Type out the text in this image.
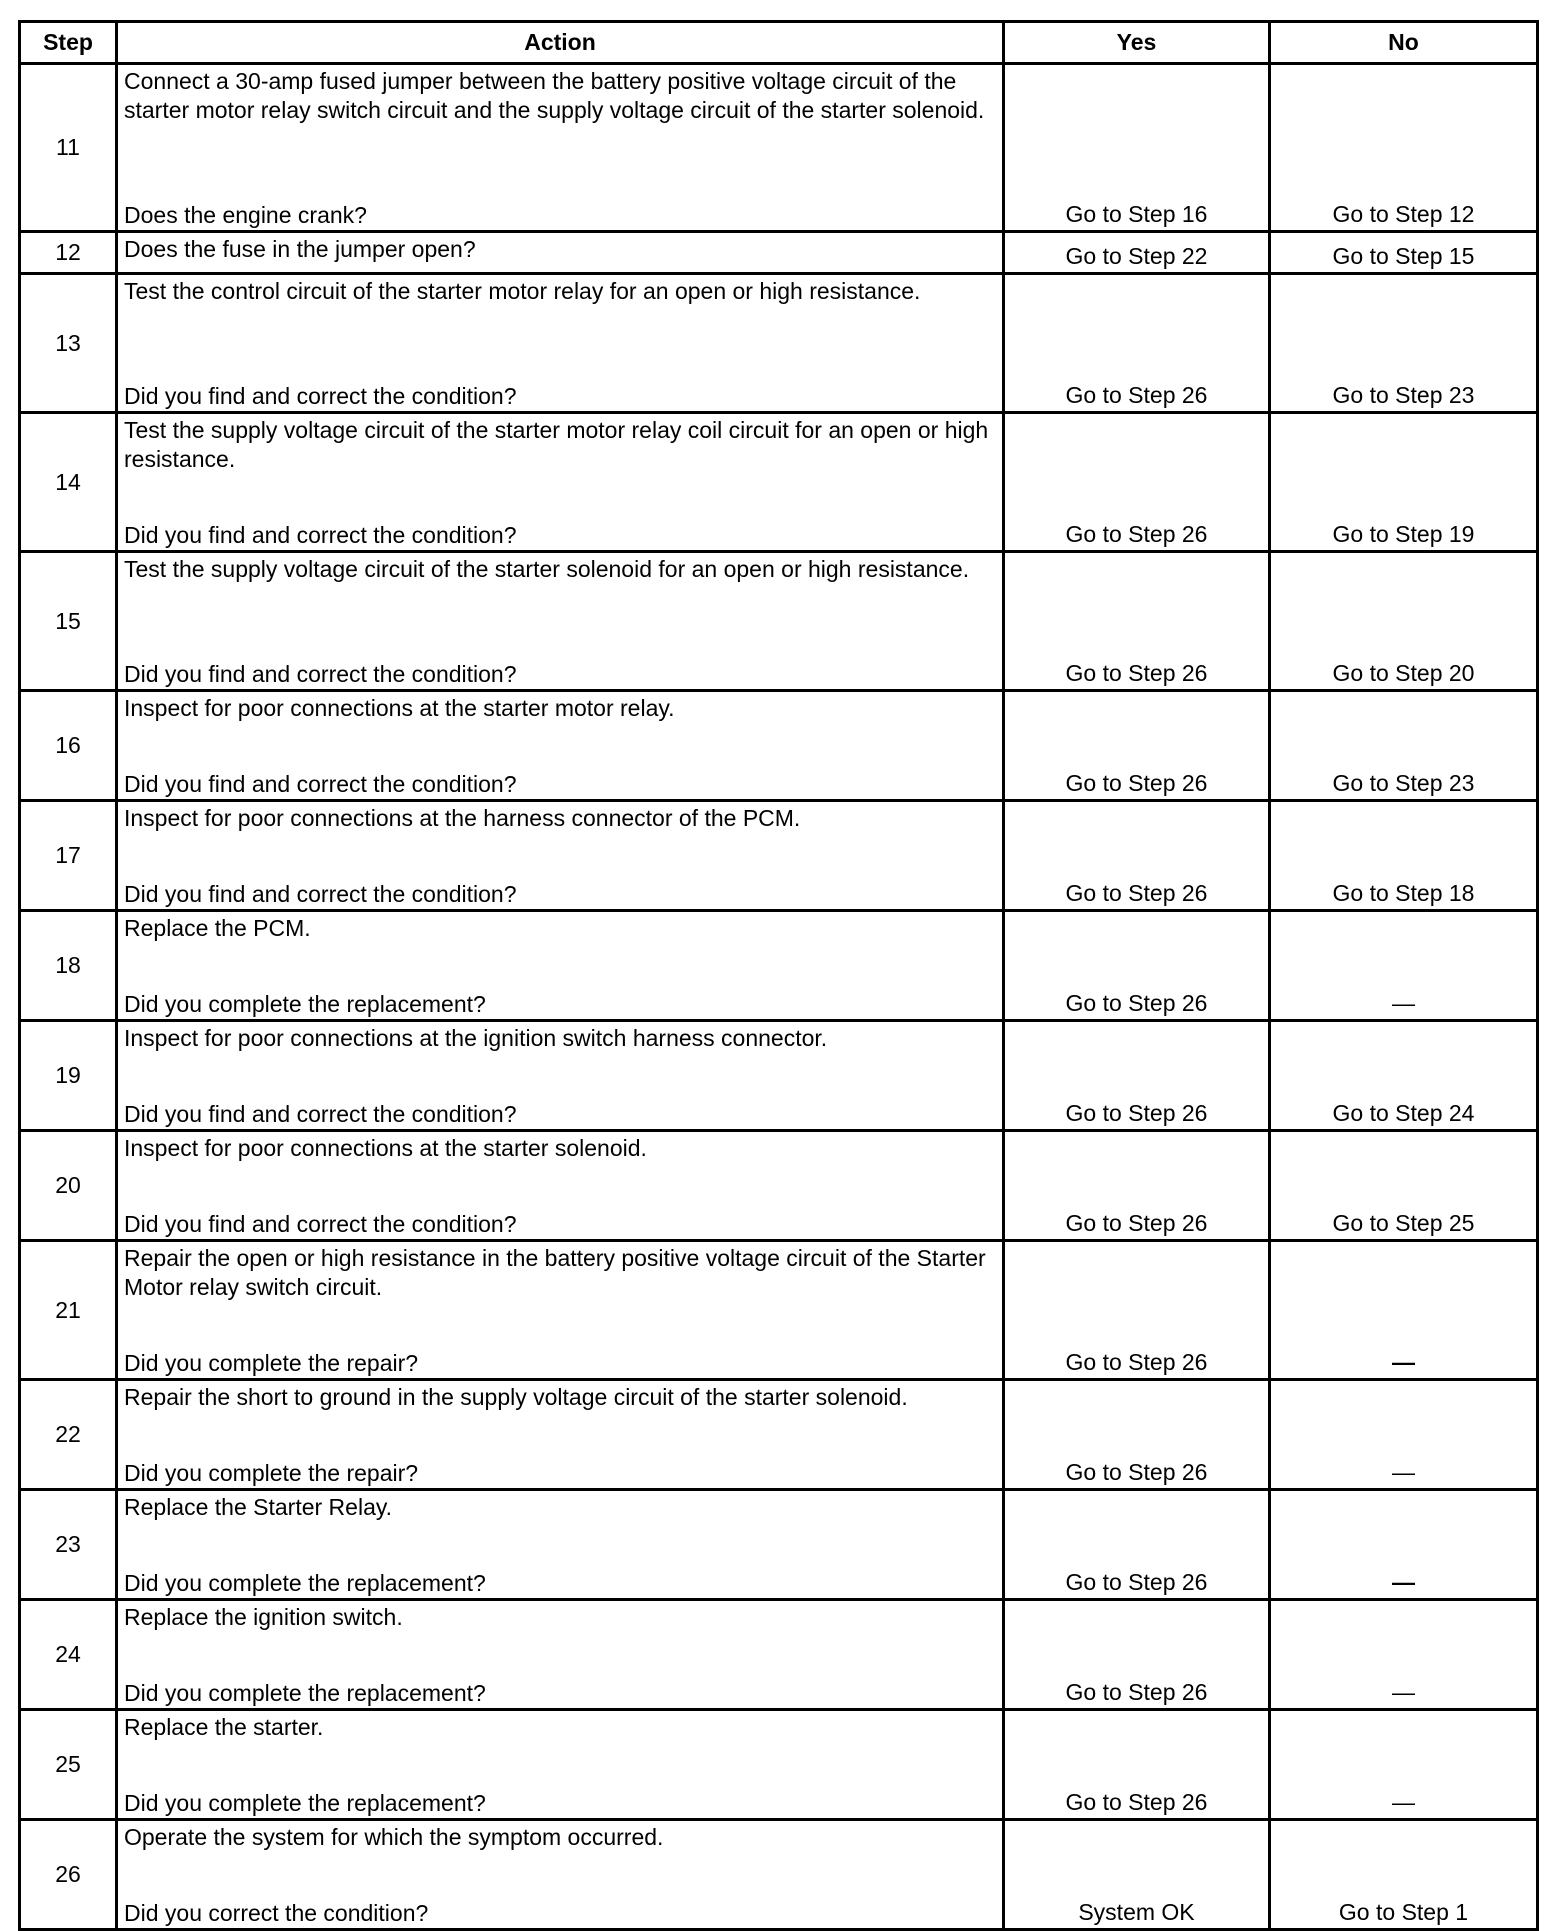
Step	Action	Yes	No
11	Connect a 30-amp fused jumper between the battery positive voltage circuit of the starter motor relay switch circuit and the supply voltage circuit of the starter solenoid.
Does the engine crank?	Go to Step 16	Go to Step 12
12	Does the fuse in the jumper open?	Go to Step 22	Go to Step 15
13	Test the control circuit of the starter motor relay for an open or high resistance.
Did you find and correct the condition?	Go to Step 26	Go to Step 23
14	Test the supply voltage circuit of the starter motor relay coil circuit for an open or high resistance.
Did you find and correct the condition?	Go to Step 26	Go to Step 19
15	Test the supply voltage circuit of the starter solenoid for an open or high resistance.
Did you find and correct the condition?	Go to Step 26	Go to Step 20
16	Inspect for poor connections at the starter motor relay.
Did you find and correct the condition?	Go to Step 26	Go to Step 23
17	Inspect for poor connections at the harness connector of the PCM.
Did you find and correct the condition?	Go to Step 26	Go to Step 18
18	Replace the PCM.
Did you complete the replacement?	Go to Step 26	—
19	Inspect for poor connections at the ignition switch harness connector.
Did you find and correct the condition?	Go to Step 26	Go to Step 24
20	Inspect for poor connections at the starter solenoid.
Did you find and correct the condition?	Go to Step 26	Go to Step 25
21	Repair the open or high resistance in the battery positive voltage circuit of the Starter Motor relay switch circuit.
Did you complete the repair?	Go to Step 26	—
22	Repair the short to ground in the supply voltage circuit of the starter solenoid.
Did you complete the repair?	Go to Step 26	—
23	Replace the Starter Relay.
Did you complete the replacement?	Go to Step 26	—
24	Replace the ignition switch.
Did you complete the replacement?	Go to Step 26	—
25	Replace the starter.
Did you complete the replacement?	Go to Step 26	—
26	Operate the system for which the symptom occurred.
Did you correct the condition?	System OK	Go to Step 1
